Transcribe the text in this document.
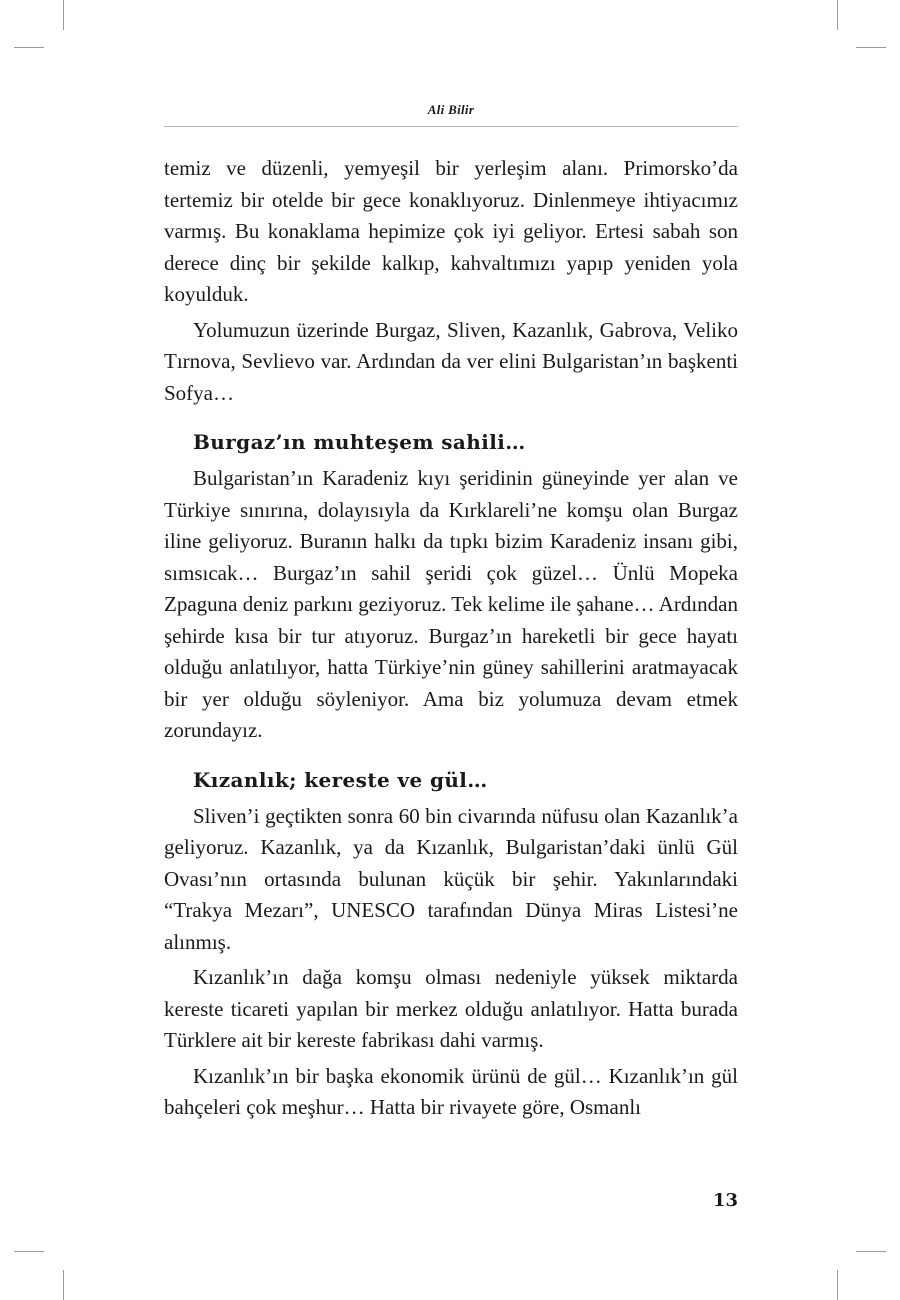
Ali Bilir

temiz ve düzenli, yemyeşil bir yerleşim alanı. Primorsko’da tertemiz bir otelde bir gece konaklıyoruz. Dinlenmeye ihtiyacımız varmış. Bu konaklama hepimize çok iyi geliyor. Ertesi sabah son derece dinç bir şekilde kalkıp, kahvaltımızı yapıp yeniden yola koyulduk.

Yolumuzun üzerinde Burgaz, Sliven, Kazanlık, Gabrova, Veliko Tırnova, Sevlievo var. Ardından da ver elini Bulgaristan’ın başkenti Sofya…

Burgaz’ın muhteşem sahili…

Bulgaristan’ın Karadeniz kıyı şeridinin güneyinde yer alan ve Türkiye sınırına, dolayısıyla da Kırklareli’ne komşu olan Burgaz iline geliyoruz. Buranın halkı da tıpkı bizim Karadeniz insanı gibi, sımsıcak… Burgaz’ın sahil şeridi çok güzel… Ünlü Mopeka Zpaguna deniz parkını geziyoruz. Tek kelime ile şahane… Ardından şehirde kısa bir tur atıyoruz. Burgaz’ın hareketli bir gece hayatı olduğu anlatılıyor, hatta Türkiye’nin güney sahillerini aratmayacak bir yer olduğu söyleniyor. Ama biz yolumuza devam etmek zorundayız.

Kızanlık; kereste ve gül…

Sliven’i geçtikten sonra 60 bin civarında nüfusu olan Kazanlık’a geliyoruz. Kazanlık, ya da Kızanlık, Bulgaristan’daki ünlü Gül Ovası’nın ortasında bulunan küçük bir şehir. Yakınlarındaki “Trakya Mezarı”, UNESCO tarafından Dünya Miras Listesi’ne alınmış.

Kızanlık’ın dağa komşu olması nedeniyle yüksek miktarda kereste ticareti yapılan bir merkez olduğu anlatılıyor. Hatta burada Türklere ait bir kereste fabrikası dahi varmış.

Kızanlık’ın bir başka ekonomik ürünü de gül… Kızanlık’ın gül bahçeleri çok meşhur… Hatta bir rivayete göre, Osmanlı

13
